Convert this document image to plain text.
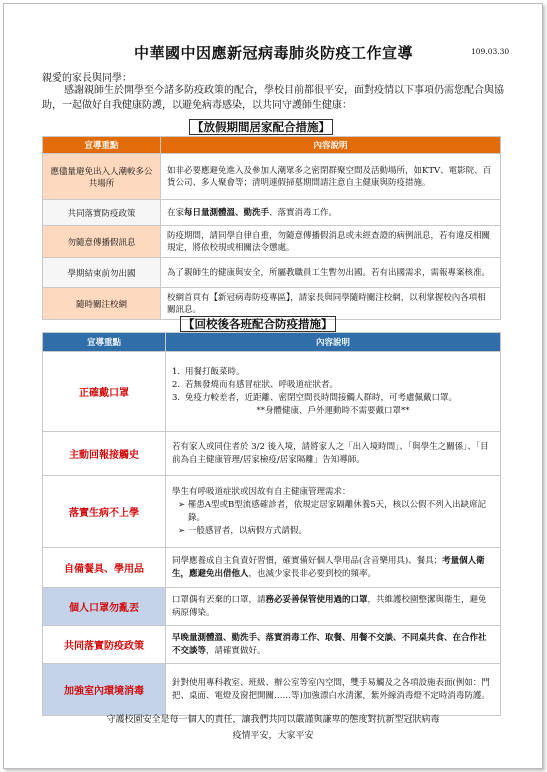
中華國中因應新冠病毒肺炎防疫工作宣導	109.03.30
親愛的家長與同學：
感謝親師生於開學至今諸多防疫政策的配合，學校目前都很平安，面對疫情以下事項仍需您配合與協助，一起做好自我健康防護，以避免病毒感染，以共同守護師生健康：
【放假期間居家配合措施】
宣導重點	內容說明
應儘量避免出入人潮較多公共場所	如非必要應避免進入及參加人潮眾多之密閉群聚空間及活動場所，如KTV、電影院、百貨公司、多人聚會等；清明連假掃墓期間請注意自主健康與防疫措施。
共同落實防疫政策	在家每日量測體溫、勤洗手、落實消毒工作。
勿隨意傳播假訊息	防疫期間，請同學自律自重，勿隨意傳播假消息或未經查證的病例訊息，若有違反相關規定，將依校規或相關法令懲處。
學期結束前勿出國	為了親師生的健康與安全，所屬教職員工生暫勿出國。若有出國需求，需報專案核准。
隨時關注校網	校網首頁有【新冠病毒防疫專區】，請家長與同學隨時關注校網，以利掌握校內各項相關訊息。
【回校後各班配合防疫措施】
宣導重點	內容說明
正確戴口罩	1. 用餐打飯菜時。
2. 若無發燒而有感冒症狀、呼吸道症狀者。
3. 免疫力較差者，近距離、密閉空間長時間接觸人群時，可考慮佩戴口罩。
**身體健康、戶外運動時不需要戴口罩**

主動回報接觸史	若有家人或同住者於 3/2 後入境，請將家人之「出入境時間」、「與學生之關係」、「目前為自主健康管理/居家檢疫/居家隔離」告知導師。
落實生病不上學	學生有呼吸道症狀或因故有自主健康管理需求：
➢ 罹患A型或B型流感確診者，依規定居家隔離休養5天，核以公假不列入出缺席記錄。
➢ 一般感冒者，以病假方式請假。

自備餐具、學用品	同學應養成自主負責好習慣，確實備好個人學用品(含音樂用具)、餐具；考量個人衛生，應避免出借他人，也減少家長非必要到校的頻率。
個人口罩勿亂丟	口罩偶有丟棄的口罩，請務必妥善保管使用過的口罩，共維護校園整潔與衛生，避免病原傳染。
共同落實防疫政策	早晚量測體溫、勤洗手、落實消毒工作、取餐、用餐不交談、不同桌共食、在合作社不交談等，請確實做好。
加強室內環境消毒	針對使用專科教室、班級、辦公室等室內空間，雙手易觸及之各項設施表面(例如：門把、桌面、電燈及窗把開關……等)加強漂白水清潔，紫外線消毒燈不定時消毒防護。
守護校園安全是每一個人的責任，讓我們共同以嚴謹與謙卑的態度對抗新型冠狀病毒
疫情平安，大家平安
